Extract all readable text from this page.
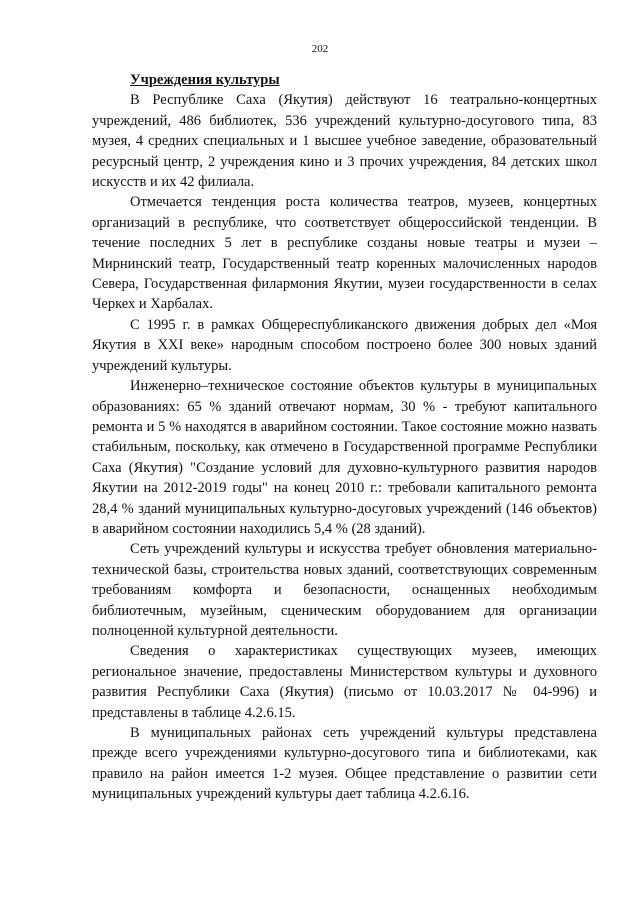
202

Учреждения культуры

В Республике Саха (Якутия) действуют 16 театрально-концертных учреждений, 486 библиотек, 536 учреждений культурно-досугового типа, 83 музея, 4 средних специальных и 1 высшее учебное заведение, образовательный ресурсный центр, 2 учреждения кино и 3 прочих учреждения, 84 детских школ искусств и их 42 филиала.

Отмечается тенденция роста количества театров, музеев, концертных организаций в республике, что соответствует общероссийской тенденции. В течение последних 5 лет в республике созданы новые театры и музеи – Мирнинский театр, Государственный театр коренных малочисленных народов Севера, Государственная филармония Якутии, музеи государственности в селах Черкех и Харбалах.

С 1995 г. в рамках Общереспубликанского движения добрых дел «Моя Якутия в XXI веке» народным способом построено более 300 новых зданий учреждений культуры.

Инженерно–техническое состояние объектов культуры в муниципальных образованиях: 65 % зданий отвечают нормам, 30 % - требуют капитального ремонта и 5 % находятся в аварийном состоянии. Такое состояние можно назвать стабильным, поскольку, как отмечено в Государственной программе Республики Саха (Якутия) "Создание условий для духовно-культурного развития народов Якутии на 2012-2019 годы" на конец 2010 г.: требовали капитального ремонта 28,4 % зданий муниципальных культурно-досуговых учреждений (146 объектов) в аварийном состоянии находились 5,4 % (28 зданий).

Сеть учреждений культуры и искусства требует обновления материально-технической базы, строительства новых зданий, соответствующих современным требованиям комфорта и безопасности, оснащенных необходимым библиотечным, музейным, сценическим оборудованием для организации полноценной культурной деятельности.

Сведения о характеристиках существующих музеев, имеющих региональное значение, предоставлены Министерством культуры и духовного развития Республики Саха (Якутия) (письмо от 10.03.2017 № 04-996) и представлены в таблице 4.2.6.15.

В муниципальных районах сеть учреждений культуры представлена прежде всего учреждениями культурно-досугового типа и библиотеками, как правило на район имеется 1-2 музея. Общее представление о развитии сети муниципальных учреждений культуры дает таблица 4.2.6.16.
